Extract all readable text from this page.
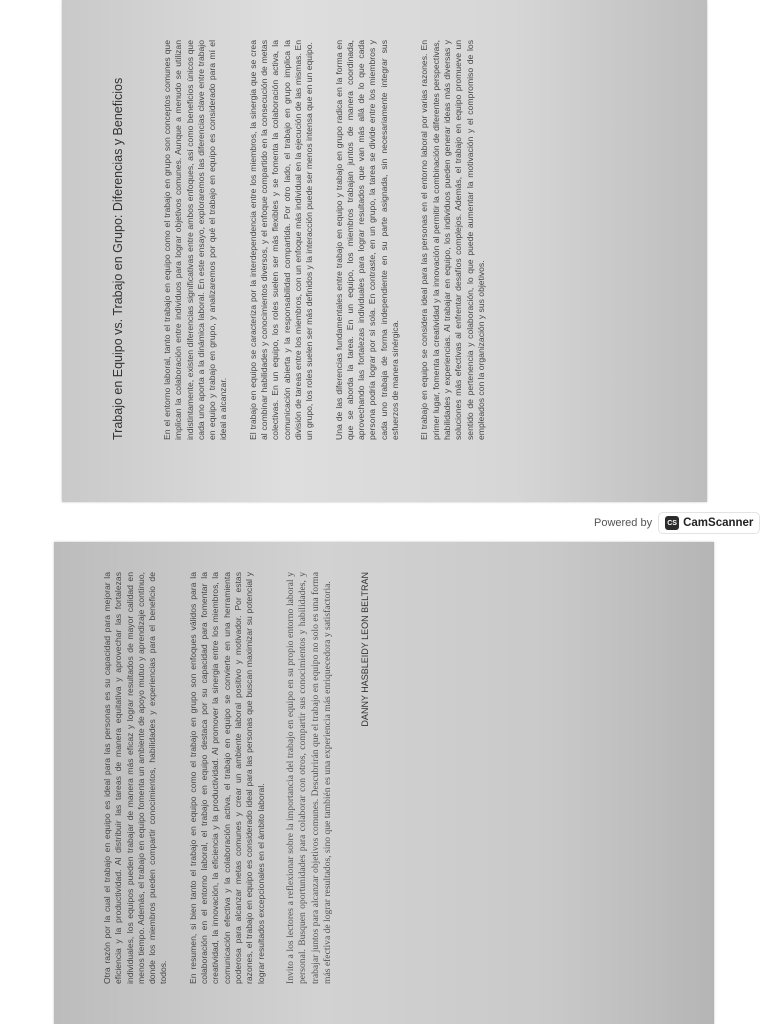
Trabajo en Equipo vs. Trabajo en Grupo: Diferencias y Beneficios	En el entorno laboral, tanto el trabajo en equipo como el trabajo en grupo son conceptos comunes que implican la colaboración entre individuos para lograr objetivos comunes. Aunque a menudo se utilizan indistintamente, existen diferencias significativas entre ambos enfoques, así como beneficios únicos que cada uno aporta a la dinámica laboral. En este ensayo, exploraremos las diferencias clave entre trabajo en equipo y trabajo en grupo, y analizaremos por qué el trabajo en equipo es considerado para mí el ideal a alcanzar. El trabajo en equipo se caracteriza por la interdependencia entre los miembros, la sinergia que se crea al combinar habilidades y conocimientos diversos, y el enfoque compartido en la consecución de metas colectivas. En un equipo, los roles suelen ser más flexibles y se fomenta la colaboración activa, la comunicación abierta y la responsabilidad compartida. Por otro lado, el trabajo en grupo implica la división de tareas entre los miembros, con un enfoque más individual en la ejecución de las mismas. En un grupo, los roles suelen ser más definidos y la interacción puede ser menos intensa que en un equipo. Una de las diferencias fundamentales entre trabajo en equipo y trabajo en grupo radica en la forma en que se aborda la tarea. En un equipo, los miembros trabajan juntos de manera coordinada, aprovechando las fortalezas individuales para lograr resultados que van más allá de lo que cada persona podría lograr por sí sola. En contraste, en un grupo, la tarea se divide entre los miembros y cada uno trabaja de forma independiente en su parte asignada, sin necesariamente integrar sus esfuerzos de manera sinérgica. El trabajo en equipo se considera ideal para las personas en el entorno laboral por varias razones. En primer lugar, fomenta la creatividad y la innovación al permitir la combinación de diferentes perspectivas, habilidades y experiencias. Al trabajar en equipo, los individuos pueden generar ideas más diversas y soluciones más efectivas al enfrentar desafíos complejos. Además, el trabajo en equipo promueve un sentido de pertenencia y colaboración, lo que puede aumentar la motivación y el compromiso de los empleados con la organización y sus objetivos.

Powered by	CS CamScanner

Otra razón por la cual el trabajo en equipo es ideal para las personas es su capacidad para mejorar la eficiencia y la productividad. Al distribuir las tareas de manera equitativa y aprovechar las fortalezas individuales, los equipos pueden trabajar de manera más eficaz y lograr resultados de mayor calidad en menos tiempo. Además, el trabajo en equipo fomenta un ambiente de apoyo mutuo y aprendizaje continuo, donde los miembros pueden compartir conocimientos, habilidades y experiencias para el beneficio de todos. En resumen, si bien tanto el trabajo en equipo como el trabajo en grupo son enfoques válidos para la colaboración en el entorno laboral, el trabajo en equipo destaca por su capacidad para fomentar la creatividad, la innovación, la eficiencia y la productividad. Al promover la sinergia entre los miembros, la comunicación efectiva y la colaboración activa, el trabajo en equipo se convierte en una herramienta poderosa para alcanzar metas comunes y crear un ambiente laboral positivo y motivador. Por estas razones, el trabajo en equipo es considerado ideal para las personas que buscan maximizar su potencial y lograr resultados excepcionales en el ámbito laboral. Invito a los lectores a reflexionar sobre la importancia del trabajo en equipo en su propio entorno laboral y personal. Busquen oportunidades para colaborar con otros, compartir sus conocimientos y habilidades, y trabajar juntos para alcanzar objetivos comunes. Descubrirán que el trabajo en equipo no solo es una forma más efectiva de lograr resultados, sino que también es una experiencia más enriquecedora y satisfactoria.	DANNY HASBLEIDY LEON BELTRAN
